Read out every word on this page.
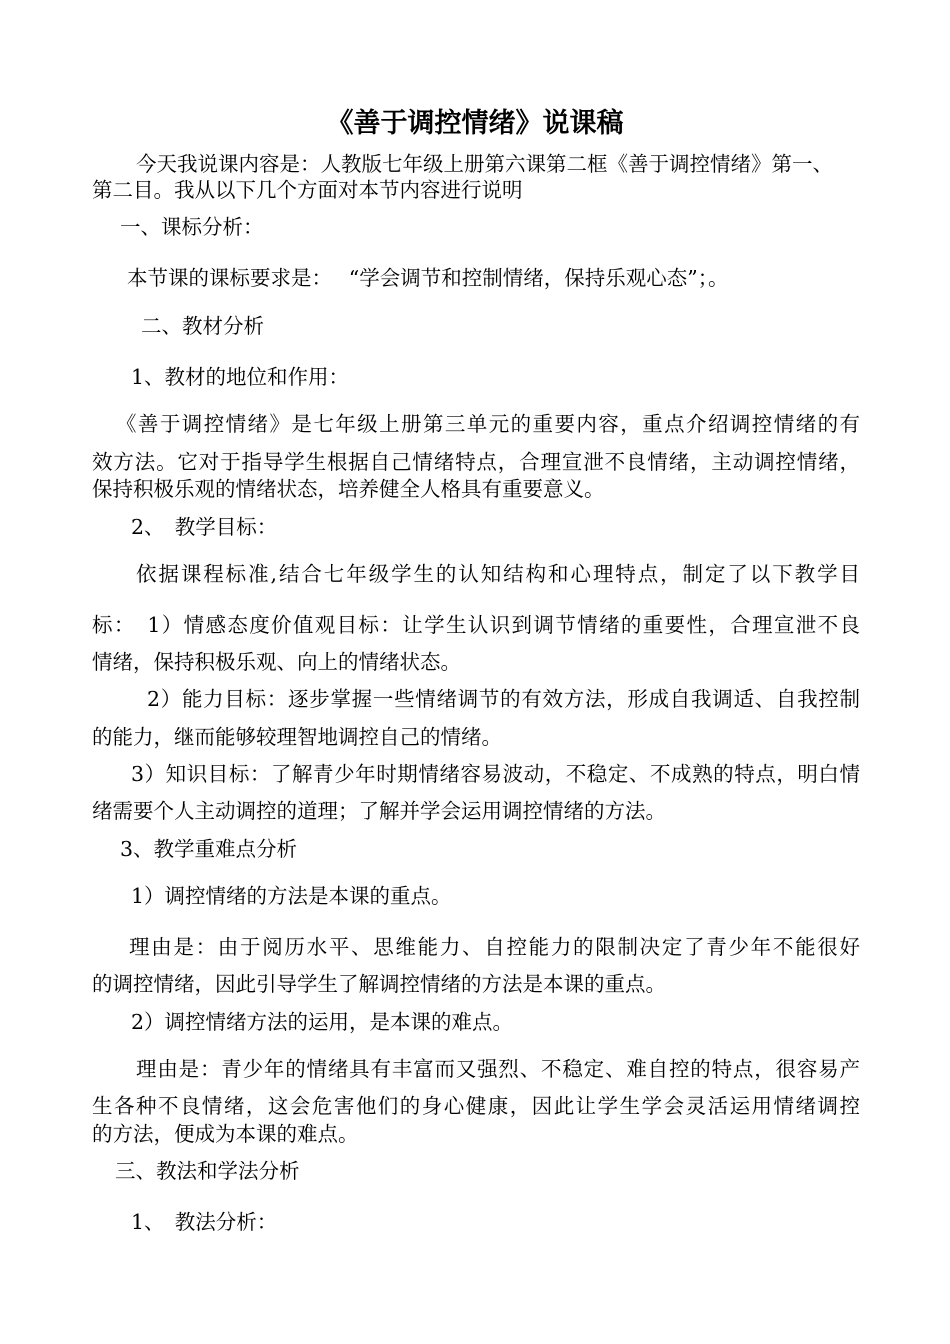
《善于调控情绪》说课稿
今天我说课内容是：人教版七年级上册第六课第二框《善于调控情绪》第一、
第二目。我从以下几个方面对本节内容进行说明
一、课标分析：
本节课的课标要求是：　 “学会调节和控制情绪，保持乐观心态”；。
二、教材分析
1、教材的地位和作用：
《善于调控情绪》是七年级上册第三单元的重要内容，重点介绍调控情绪的有
效方法。它对于指导学生根据自己情绪特点，合理宣泄不良情绪，主动调控情绪，
保持积极乐观的情绪状态，培养健全人格具有重要意义。
2、　教学目标：
依据课程标准,结合七年级学生的认知结构和心理特点，制定了以下教学目
标：　1）情感态度价值观目标：让学生认识到调节情绪的重要性，合理宣泄不良
情绪，保持积极乐观、向上的情绪状态。
2）能力目标：逐步掌握一些情绪调节的有效方法，形成自我调适、自我控制
的能力，继而能够较理智地调控自己的情绪。
3）知识目标：了解青少年时期情绪容易波动，不稳定、不成熟的特点，明白情
绪需要个人主动调控的道理；了解并学会运用调控情绪的方法。
3、教学重难点分析
1）调控情绪的方法是本课的重点。
理由是：由于阅历水平、思维能力、自控能力的限制决定了青少年不能很好
的调控情绪，因此引导学生了解调控情绪的方法是本课的重点。
2）调控情绪方法的运用，是本课的难点。
理由是：青少年的情绪具有丰富而又强烈、不稳定、难自控的特点，很容易产
生各种不良情绪，这会危害他们的身心健康，因此让学生学会灵活运用情绪调控
的方法，便成为本课的难点。
三、教法和学法分析
1、　教法分析：
